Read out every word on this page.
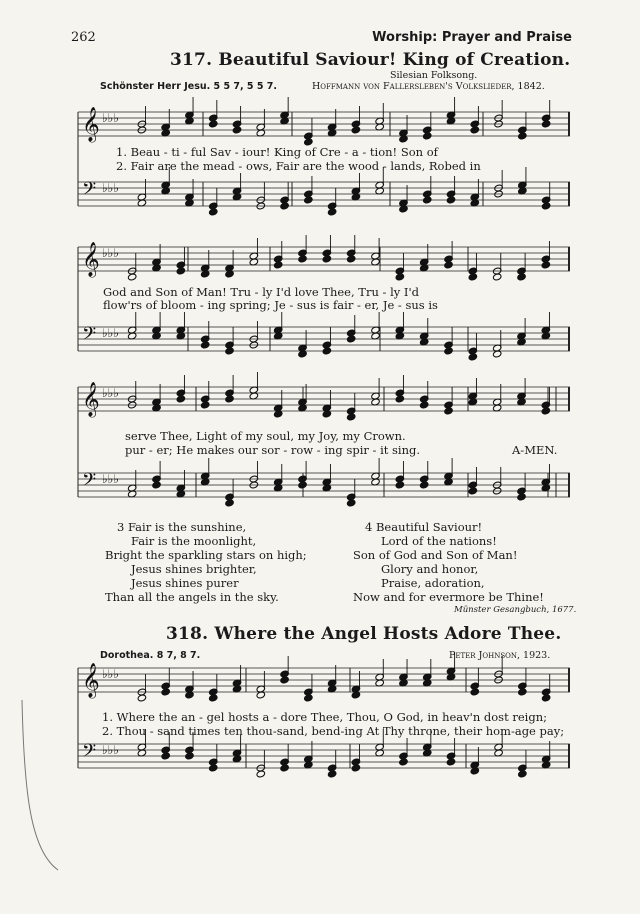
262	Worship: Prayer and Praise
317. Beautiful Saviour! King of Creation.
Schönster Herr Jesu. 5 5 7, 5 5 7.
Silesian Folksong.
Hoffmann von Fallersleben's Volkslieder, 1842.
𝄞 ♭♭♭
𝄢 ♭♭♭
1. Beau - ti - ful Sav - iour! King of Cre - a - tion! Son of
2. Fair are the mead - ows, Fair are the wood - lands, Robed in
𝄞 ♭♭♭
𝄢 ♭♭♭
God and Son of Man! Tru - ly I'd love Thee, Tru - ly I'd
flow'rs of bloom - ing spring; Je - sus is fair - er, Je - sus is
𝄞 ♭♭♭
𝄢 ♭♭♭
serve Thee, Light of my soul, my Joy, my Crown.
pur - er; He makes our sor - row - ing spir - it sing.	A-MEN.
3 Fair is the sunshine,
Fair is the moonlight,
Bright the sparkling stars on high;
Jesus shines brighter,
Jesus shines purer
Than all the angels in the sky.
4 Beautiful Saviour!
Lord of the nations!
Son of God and Son of Man!
Glory and honor,
Praise, adoration,
Now and for evermore be Thine!
Münster Gesangbuch, 1677.
318. Where the Angel Hosts Adore Thee.
Dorothea. 8 7, 8 7.	Peter Johnson, 1923.
𝄞 ♭♭♭
𝄢 ♭♭♭
1. Where the an - gel hosts a - dore Thee, Thou, O God, in heav'n dost reign;
2. Thou - sand times ten thou-sand, bend-ing At Thy throne, their hom-age pay;
